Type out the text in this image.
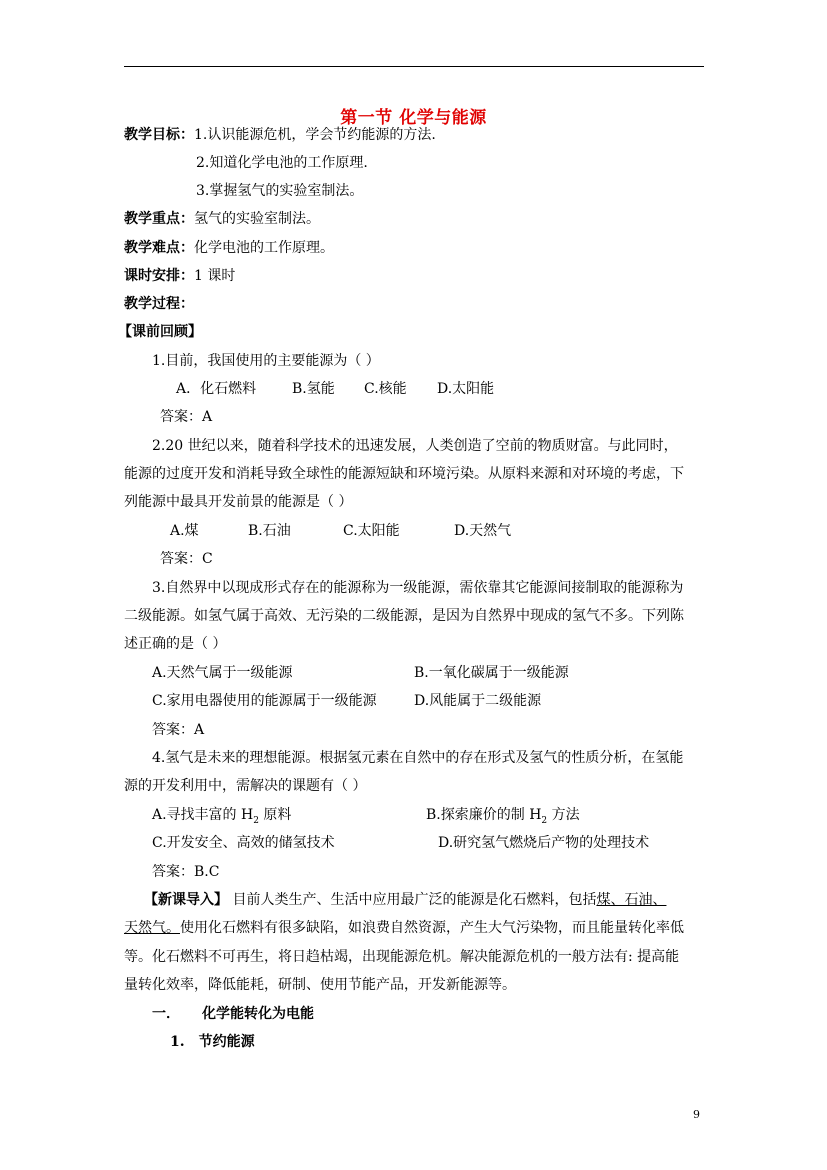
第一节 化学与能源
教学目标：1.认识能源危机，学会节约能源的方法.
2.知道化学电池的工作原理.
3.掌握氢气的实验室制法。
教学重点：氢气的实验室制法。
教学难点：化学电池的工作原理。
课时安排：1 课时
教学过程：
【课前回顾】
1.目前，我国使用的主要能源为（ ）
A．化石燃料	B.氢能 C.核能 D.太阳能
答案：A
2.20 世纪以来，随着科学技术的迅速发展，人类创造了空前的物质财富。与此同时，
能源的过度开发和消耗导致全球性的能源短缺和环境污染。从原料来源和对环境的考虑，下
列能源中最具开发前景的能源是（ ）
A.煤	B.石油	C.太阳能	D.天然气
答案：C
3.自然界中以现成形式存在的能源称为一级能源，需依靠其它能源间接制取的能源称为
二级能源。如氢气属于高效、无污染的二级能源，是因为自然界中现成的氢气不多。下列陈
述正确的是（ ）
A.天然气属于一级能源	B.一氧化碳属于一级能源
C.家用电器使用的能源属于一级能源	D.风能属于二级能源
答案：A
4.氢气是未来的理想能源。根据氢元素在自然中的存在形式及氢气的性质分析，在氢能
源的开发利用中，需解决的课题有（ ）
A.寻找丰富的 $H_2$ 原料	B.探索廉价的制 $H_2$ 方法
C.开发安全、高效的储氢技术	D.研究氢气燃烧后产物的处理技术
答案：B.C
【新课导入】 目前人类生产、生活中应用最广泛的能源是化石燃料，包括煤、石油、
天然气。使用化石燃料有很多缺陷，如浪费自然资源，产生大气污染物，而且能量转化率低
等。化石燃料不可再生，将日趋枯竭，出现能源危机。解决能源危机的一般方法有: 提高能
量转化效率，降低能耗，研制、使用节能产品，开发新能源等。
一． 化学能转化为电能
1. 节约能源
9
